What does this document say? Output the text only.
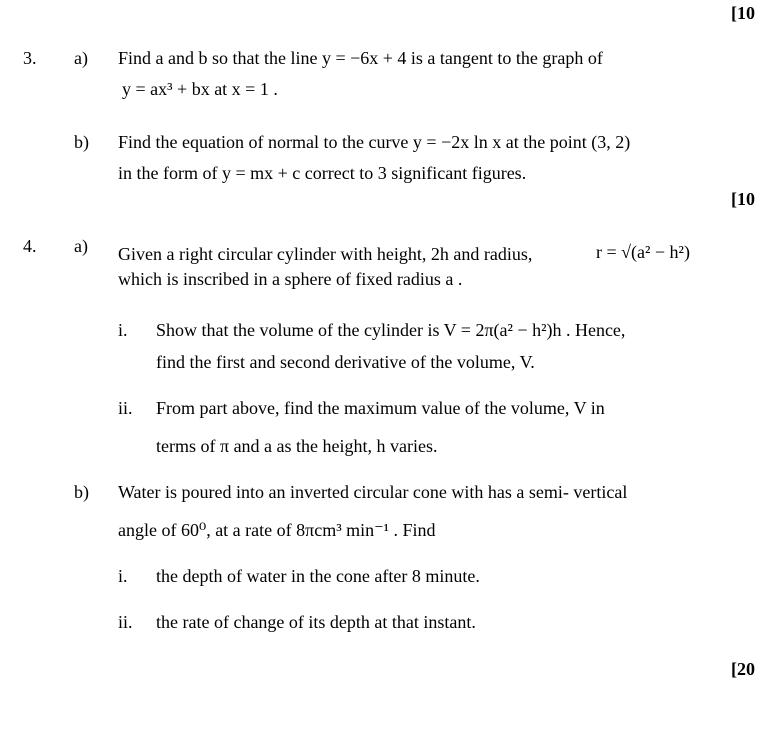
[10
3. a) Find a and b so that the line y = −6x + 4 is a tangent to the graph of
y = ax³ + bx at x = 1 .
b) Find the equation of normal to the curve y = −2x ln x at the point (3, 2)
in the form of y = mx + c correct to 3 significant figures.
[10
4. a) Given a right circular cylinder with height, 2h and radius,	r = √(a² − h²)
which is inscribed in a sphere of fixed radius a .
i. Show that the volume of the cylinder is V = 2π(a² − h²)h . Hence,
find the first and second derivative of the volume, V.
ii. From part above, find the maximum value of the volume, V in
terms of π and a as the height, h varies.
b) Water is poured into an inverted circular cone with has a semi- vertical
angle of 60⁰, at a rate of 8πcm³ min⁻¹ . Find
i. the depth of water in the cone after 8 minute.
ii. the rate of change of its depth at that instant.
[20
